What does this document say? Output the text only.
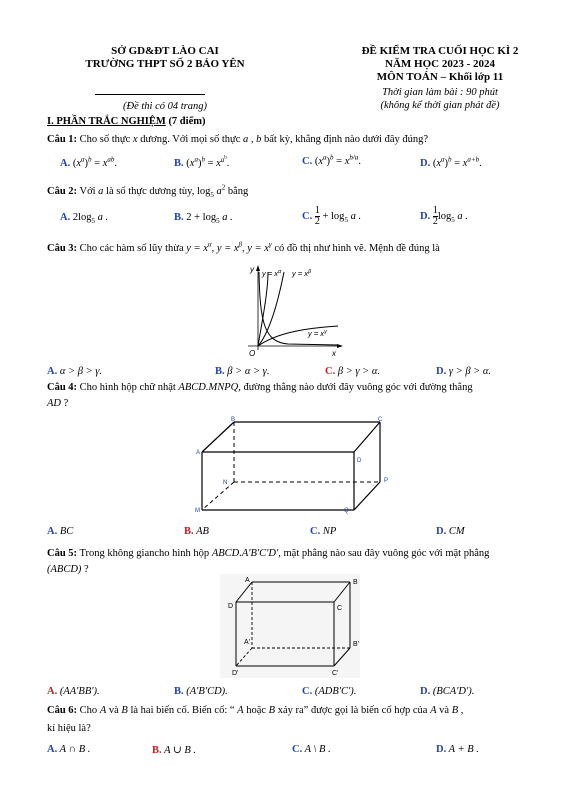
SỞ GD&ĐT LÀO CAI
TRƯỜNG THPT SỐ 2 BẢO YÊN
(Đề thi có 04 trang)
ĐỀ KIỂM TRA CUỐI HỌC KÌ 2
NĂM HỌC 2023 - 2024
MÔN TOÁN – Khối lớp 11
Thời gian làm bài : 90 phút
(không kể thời gian phát đề)
I. PHẦN TRẮC NGHIỆM (7 điểm)
Câu 1: Cho số thực x dương. Với mọi số thực a , b bất kỳ, khẳng định nào dưới đây đúng?
A. $(x^a)^b = x^{ab}$.	B. $(x^a)^b = x^{a^b}$.	C. $(x^a)^b = x^{b/a}$.	D. $(x^a)^b = x^{a+b}$.
Câu 2: Với a là số thực dương tùy, $\log_5 a^2$ bằng
A. $2\log_5$ a .	B. $2 + \log_5 a$ .	C.
1
$2 + \log_5 a$ .	D.
1
$2\log_5$ a .
Câu 3: Cho các hàm số lũy thừa $y = x^\alpha$, $y = x^\beta$, $y = x^\gamma$ có đồ thị như hình vẽ. Mệnh đề đúng là
y
x
O
$y = x^\alpha$ $y = x^\beta$
$y = x^\gamma$
A. α > β > γ.	B. β > α > γ.	C. β > γ > α.	D. γ > β > α.
Câu 4: Cho hình hộp chữ nhật ABCD.MNPQ, đường thẳng nào dưới đây vuông góc với đường thẳng
AD ?
B	C
A
D
N	P
M	Q
A. BC	B. AB	C. NP	D. CM
Câu 5: Trong không giancho hình hộp ABCD.A'B'C'D', mặt phẳng nào sau đây vuông góc với mặt phẳng
(ABCD) ?
A	B
D	C
A'	B'
D'	C'
A. (AA'BB').	B. (A'B'CD).	C. (ADB'C').	D. (BCA'D').
Câu 6: Cho A và B là hai biến cố. Biến cố: “ A hoặc B xảy ra” được gọi là biến cố hợp của A và B ,
kí hiệu là?
A. A ∩ B .	B. A ∪ B .	C. A \ B .	D. A + B .
